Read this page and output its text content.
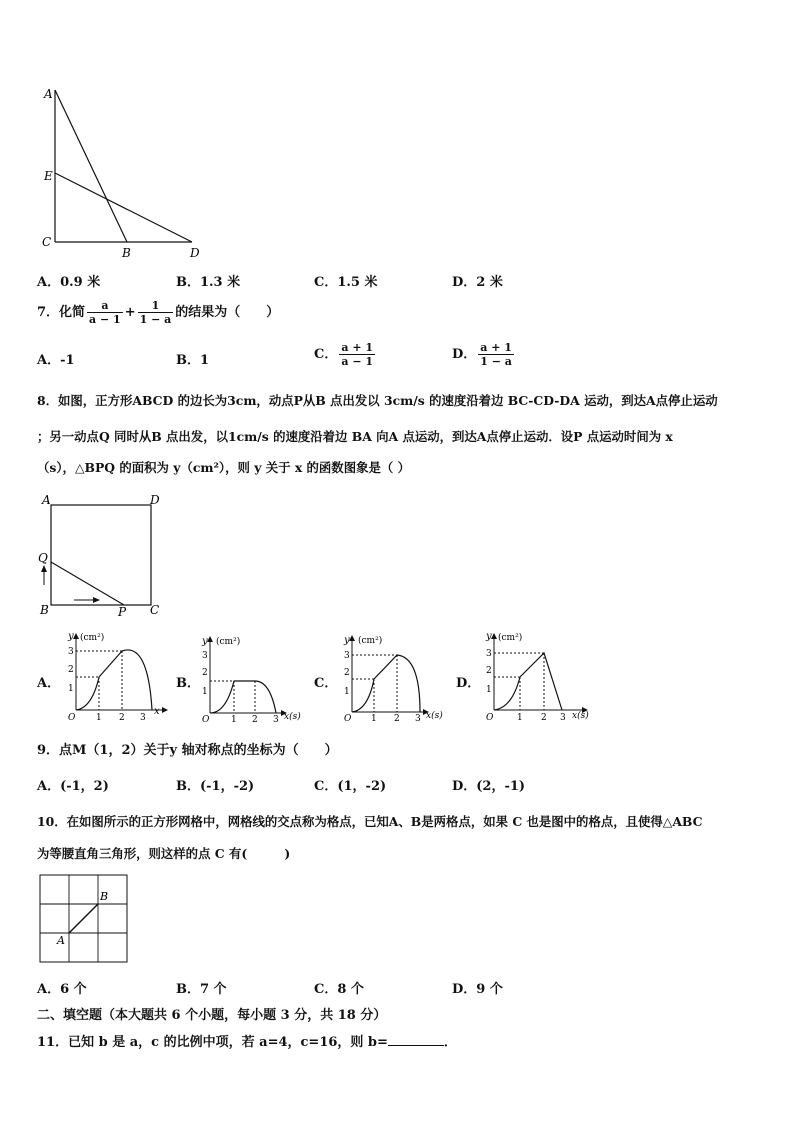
A
E
C
B	D
A．0.9 米	B．1.3 米	C．1.5 米	D．2 米
7．化简 $\frac{a}{a - 1} + \frac{1}{1 - a}$ 的结果为（　　）
A．-1	B．1	C． $\frac{a + 1}{a - 1}$	D． $\frac{a + 1}{1 - a}$
8．如图，正方形ABCD 的边长为3cm，动点P从B 点出发以 3cm/s 的速度沿着边 BC-CD-DA 运动，到达A点停止运动
；另一动点Q 同时从B 点出发，以1cm/s 的速度沿着边 BA 向A 点运动，到达A点停止运动．设P 点运动时间为 x
（s），△BPQ 的面积为 y（cm²），则 y 关于 x 的函数图象是（ ）
A	D
Q
B	P C
A．	B．	C．	D．
y (cm²)
3
2
1
O 1 2 3
x
y (cm²)
3
2
1
O 1 2 3 x(s)
y (cm²)
3
2
1
O 1 2 3 x(s)
y (cm²)
3
2
1
O	1 2 3 x(s)
9．点M（1，2）关于y 轴对称点的坐标为（　　）
A．(-1，2)	B．(-1，-2)	C．(1，-2)	D．(2，-1)
10．在如图所示的正方形网格中，网格线的交点称为格点，已知A、B是两格点，如果 C 也是图中的格点，且使得△ABC
为等腰直角三角形，则这样的点 C 有(　　　)
A
B
A．6 个	B．7 个	C．8 个	D．9 个
二、填空题（本大题共 6 个小题，每小题 3 分，共 18 分）
11．已知 b 是 a，c 的比例中项，若 a=4，c=16，则 b=	．
